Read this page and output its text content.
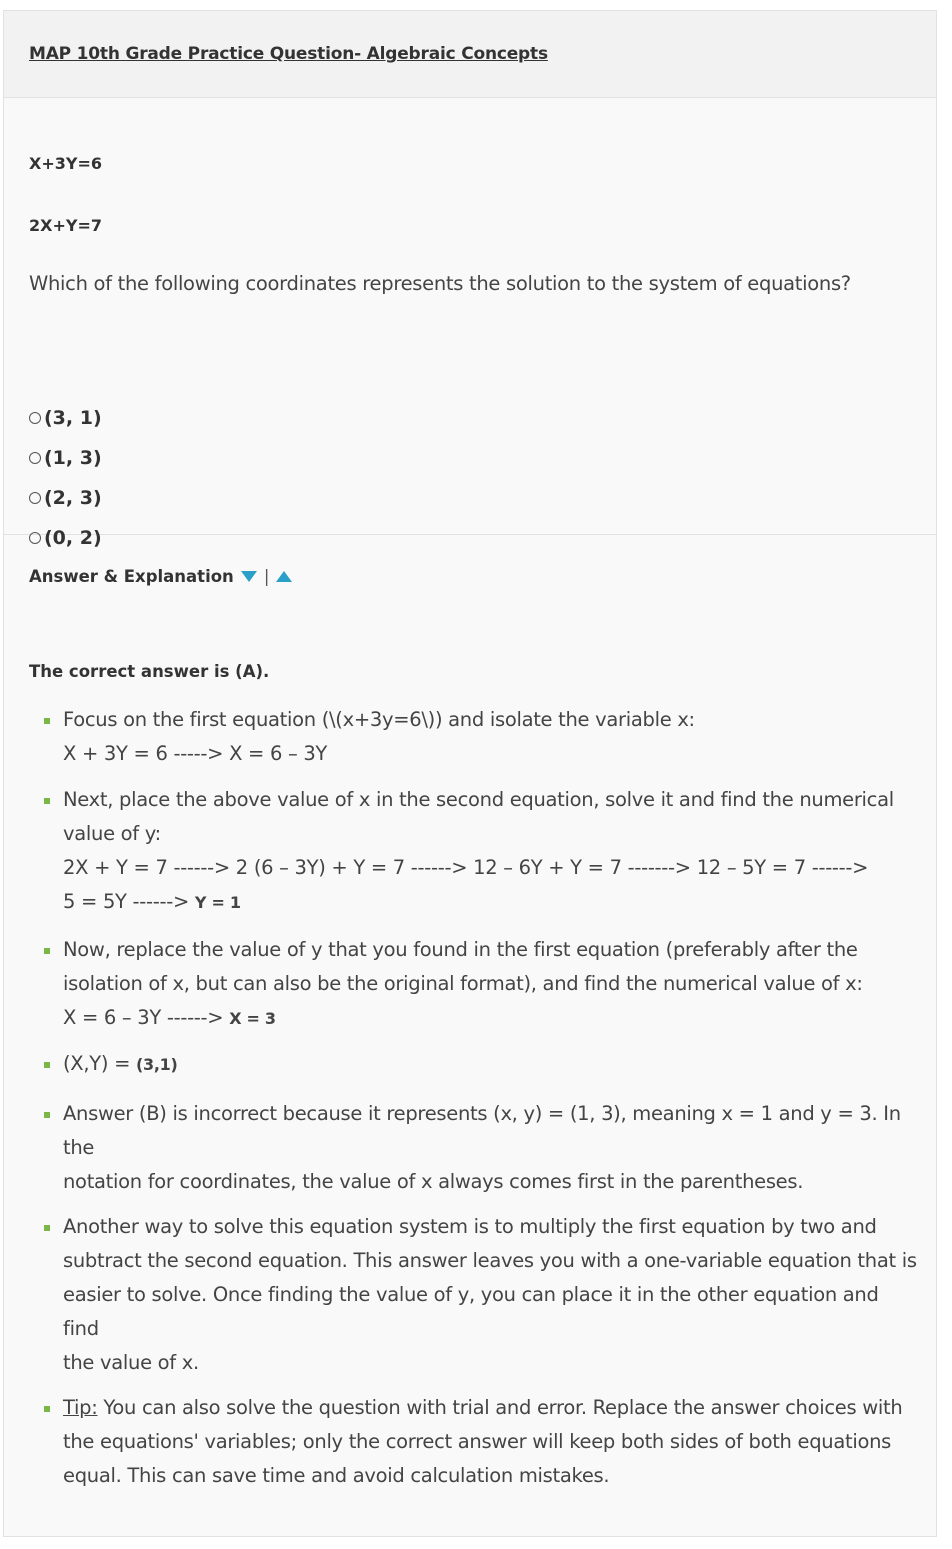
MAP 10th Grade Practice Question- Algebraic Concepts
X+3Y=6
2X+Y=7
Which of the following coordinates represents the solution to the system of equations?
(3, 1)
(1, 3)
(2, 3)
(0, 2)
Answer & Explanation |
The correct answer is (A).
Focus on the first equation (\(x+3y=6\)) and isolate the variable x:
X + 3Y = 6 -----> X = 6 – 3Y
Next, place the above value of x in the second equation, solve it and find the numerical
value of y:
2X + Y = 7 ------> 2 (6 – 3Y) + Y = 7 ------> 12 – 6Y + Y = 7 -------> 12 – 5Y = 7 ------>
5 = 5Y ------> Y = 1
Now, replace the value of y that you found in the first equation (preferably after the
isolation of x, but can also be the original format), and find the numerical value of x:
X = 6 – 3Y ------> X = 3
(X,Y) = (3,1)
Answer (B) is incorrect because it represents (x, y) = (1, 3), meaning x = 1 and y = 3. In the
notation for coordinates, the value of x always comes first in the parentheses.
Another way to solve this equation system is to multiply the first equation by two and
subtract the second equation. This answer leaves you with a one-variable equation that is
easier to solve. Once finding the value of y, you can place it in the other equation and find
the value of x.
Tip: You can also solve the question with trial and error. Replace the answer choices with
the equations' variables; only the correct answer will keep both sides of both equations
equal. This can save time and avoid calculation mistakes.
